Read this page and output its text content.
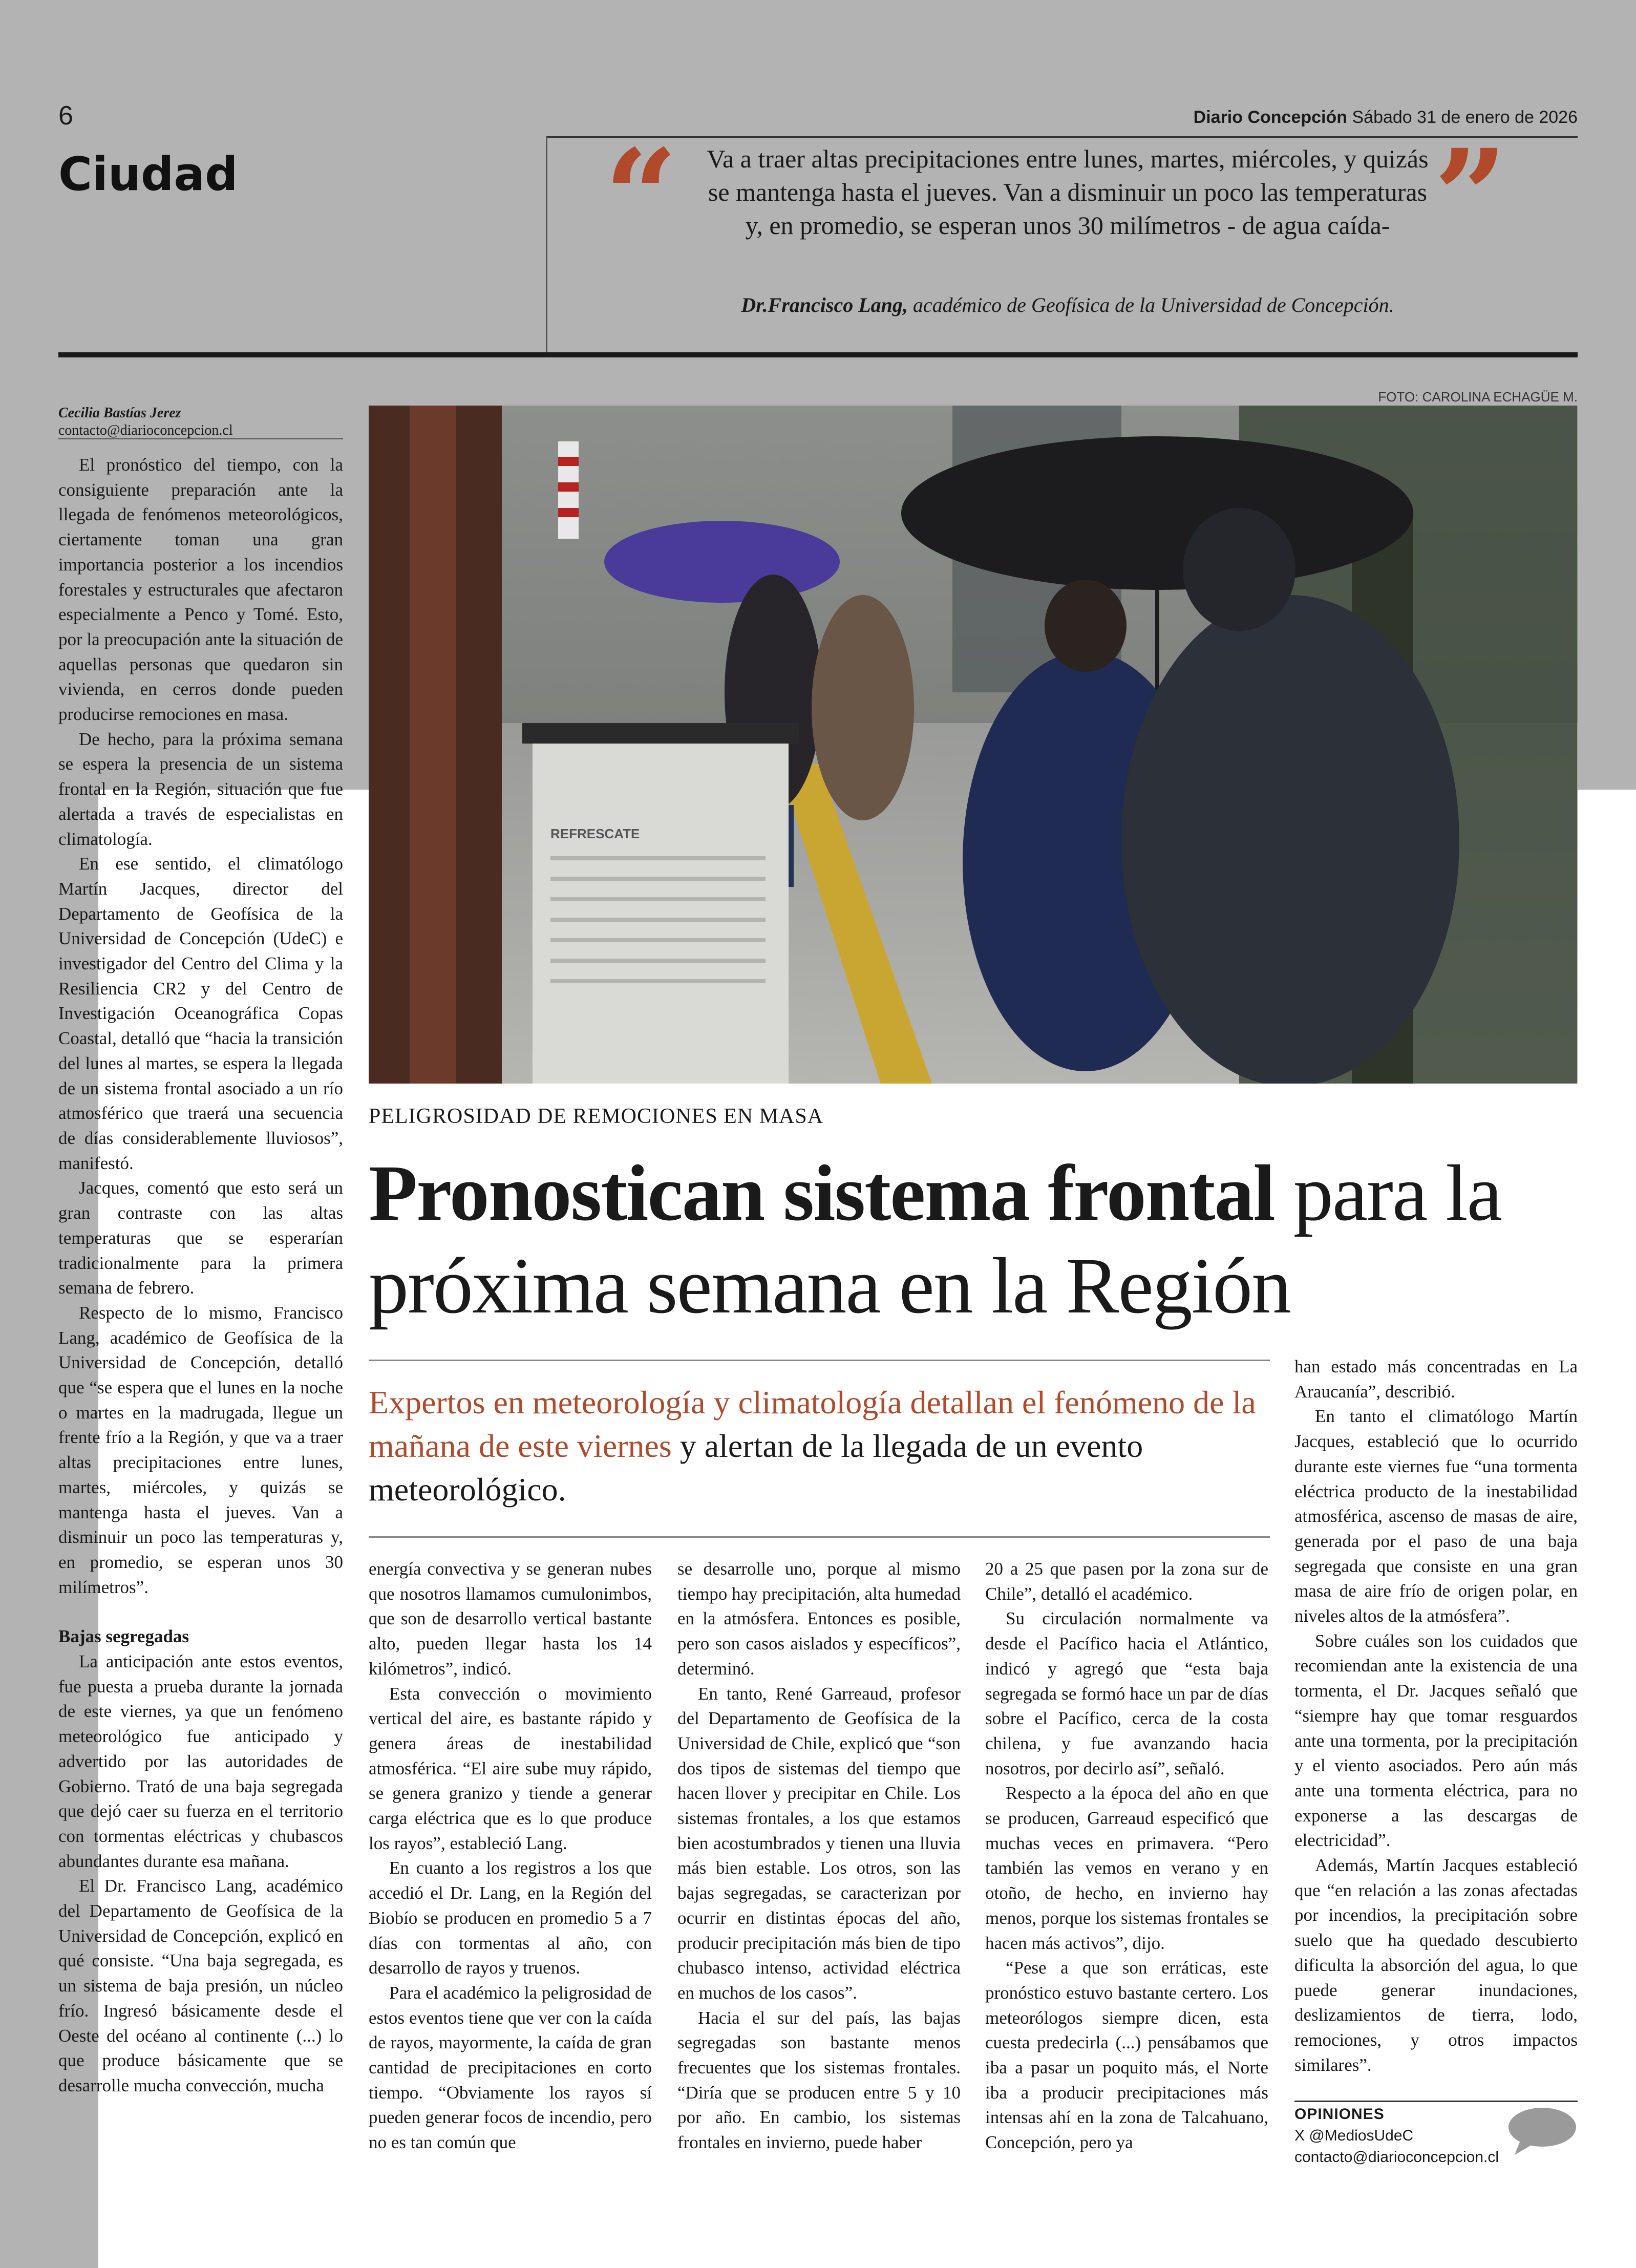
6	Diario Concepción Sábado 31 de enero de 2026
Ciudad	“ Va a traer altas precipitaciones entre lunes, martes, miércoles, y quizás se mantenga hasta el jueves. Van a disminuir un poco las temperaturas y, en promedio, se esperan unos 30 milímetros - de agua caída-
Dr.Francisco Lang, académico de Geofísica de la Universidad de Concepción.
”
FOTO: CAROLINA ECHAGÜE M.
REFRESCATE
Cecilia Bastías Jerez
contacto@diarioconcepcion.cl

El pronóstico del tiempo, con la consiguiente preparación ante la llegada de fenómenos meteorológicos, ciertamente toman una gran importancia posterior a los incendios forestales y estructurales que afectaron especialmente a Penco y Tomé. Esto, por la preocupación ante la situación de aquellas personas que quedaron sin vivienda, en cerros donde pueden producirse remociones en masa.

De hecho, para la próxima semana se espera la presencia de un sistema frontal en la Región, situación que fue alertada a través de especialistas en climatología.

En ese sentido, el climatólogo Martín Jacques, director del Departamento de Geofísica de la Universidad de Concepción (UdeC) e investigador del Centro del Clima y la Resiliencia CR2 y del Centro de Investigación Oceanográfica Copas Coastal, detalló que “hacia la transición del lunes al martes, se espera la llegada de un sistema frontal asociado a un río atmosférico que traerá una secuencia de días considerablemente lluviosos”, manifestó.

Jacques, comentó que esto será un gran contraste con las altas temperaturas que se esperarían tradicionalmente para la primera semana de febrero.

Respecto de lo mismo, Francisco Lang, académico de Geofísica de la Universidad de Concepción, detalló que “se espera que el lunes en la noche o martes en la madrugada, llegue un frente frío a la Región, y que va a traer altas precipitaciones entre lunes, martes, miércoles, y quizás se mantenga hasta el jueves. Van a disminuir un poco las temperaturas y, en promedio, se esperan unos 30 milímetros”.

Bajas segregadas

La anticipación ante estos eventos, fue puesta a prueba durante la jornada de este viernes, ya que un fenómeno meteorológico fue anticipado y advertido por las autoridades de Gobierno. Trató de una baja segregada que dejó caer su fuerza en el territorio con tormentas eléctricas y chubascos abundantes durante esa mañana.

El Dr. Francisco Lang, académico del Departamento de Geofísica de la Universidad de Concepción, explicó en qué consiste. “Una baja segregada, es un sistema de baja presión, un núcleo frío. Ingresó básicamente desde el Oeste del océano al continente (...) lo que produce básicamente que se desarrolle mucha convección, mucha

PELIGROSIDAD DE REMOCIONES EN MASA
Pronostican sistema frontal para la próxima semana en la Región
Expertos en meteorología y climatología detallan el fenómeno de la mañana de este viernes y alertan de la llegada de un evento meteorológico.

energía convectiva y se generan nubes que nosotros llamamos cumulonimbos, que son de desarrollo vertical bastante alto, pueden llegar hasta los 14 kilómetros”, indicó.

Esta convección o movimiento vertical del aire, es bastante rápido y genera áreas de inestabilidad atmosférica. “El aire sube muy rápido, se genera granizo y tiende a generar carga eléctrica que es lo que produce los rayos”, estableció Lang.

En cuanto a los registros a los que accedió el Dr. Lang, en la Región del Biobío se producen en promedio 5 a 7 días con tormentas al año, con desarrollo de rayos y truenos.

Para el académico la peligrosidad de estos eventos tiene que ver con la caída de rayos, mayormente, la caída de gran cantidad de precipitaciones en corto tiempo. “Obviamente los rayos sí pueden generar focos de incendio, pero no es tan común que

se desarrolle uno, porque al mismo tiempo hay precipitación, alta humedad en la atmósfera. Entonces es posible, pero son casos aislados y específicos”, determinó.

En tanto, René Garreaud, profesor del Departamento de Geofísica de la Universidad de Chile, explicó que “son dos tipos de sistemas del tiempo que hacen llover y precipitar en Chile. Los sistemas frontales, a los que estamos bien acostumbrados y tienen una lluvia más bien estable. Los otros, son las bajas segregadas, se caracterizan por ocurrir en distintas épocas del año, producir precipitación más bien de tipo chubasco intenso, actividad eléctrica en muchos de los casos”.

Hacia el sur del país, las bajas segregadas son bastante menos frecuentes que los sistemas frontales. “Diría que se producen entre 5 y 10 por año. En cambio, los sistemas frontales en invierno, puede haber

20 a 25 que pasen por la zona sur de Chile”, detalló el académico.

Su circulación normalmente va desde el Pacífico hacia el Atlántico, indicó y agregó que “esta baja segregada se formó hace un par de días sobre el Pacífico, cerca de la costa chilena, y fue avanzando hacia nosotros, por decirlo así”, señaló.

Respecto a la época del año en que se producen, Garreaud especificó que muchas veces en primavera. “Pero también las vemos en verano y en otoño, de hecho, en invierno hay menos, porque los sistemas frontales se hacen más activos”, dijo.

“Pese a que son erráticas, este pronóstico estuvo bastante certero. Los meteorólogos siempre dicen, esta cuesta predecirla (...) pensábamos que iba a pasar un poquito más, el Norte iba a producir precipitaciones más intensas ahí en la zona de Talcahuano, Concepción, pero ya

han estado más concentradas en La Araucanía”, describió.

En tanto el climatólogo Martín Jacques, estableció que lo ocurrido durante este viernes fue “una tormenta eléctrica producto de la inestabilidad atmosférica, ascenso de masas de aire, generada por el paso de una baja segregada que consiste en una gran masa de aire frío de origen polar, en niveles altos de la atmósfera”.

Sobre cuáles son los cuidados que recomiendan ante la existencia de una tormenta, el Dr. Jacques señaló que “siempre hay que tomar resguardos ante una tormenta, por la precipitación y el viento asociados. Pero aún más ante una tormenta eléctrica, para no exponerse a las descargas de electricidad”.

Además, Martín Jacques estableció que “en relación a las zonas afectadas por incendios, la precipitación sobre suelo que ha quedado descubierto dificulta la absorción del agua, lo que puede generar inundaciones, deslizamientos de tierra, lodo, remociones, y otros impactos similares”.

OPINIONES
X @MediosUdeC
contacto@diarioconcepcion.cl
